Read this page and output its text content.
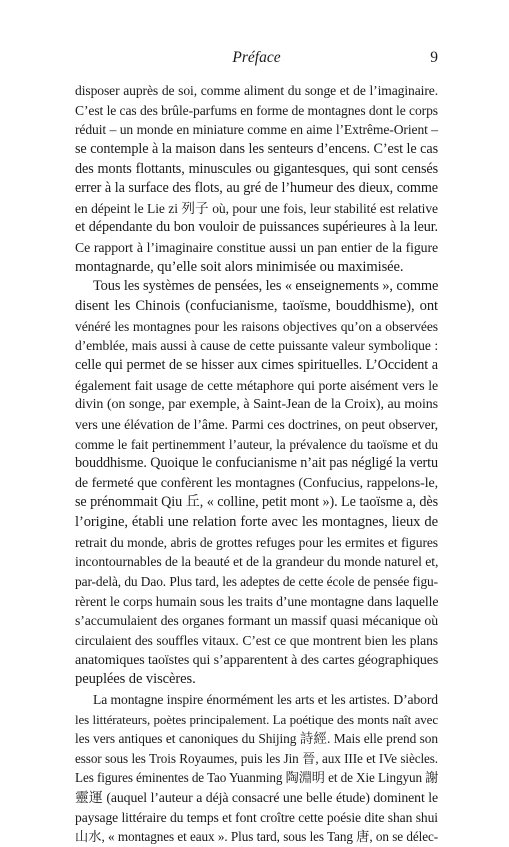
Préface	9
disposer auprès de soi, comme aliment du songe et de l’imaginaire.
C’est le cas des brûle-parfums en forme de montagnes dont le corps
réduit – un monde en miniature comme en aime l’Extrême-Orient –
se contemple à la maison dans les senteurs d’encens. C’est le cas
des monts flottants, minuscules ou gigantesques, qui sont censés
errer à la surface des flots, au gré de l’humeur des dieux, comme
en dépeint le Lie zi 列子 où, pour une fois, leur stabilité est relative
et dépendante du bon vouloir de puissances supérieures à la leur.
Ce rapport à l’imaginaire constitue aussi un pan entier de la figure
montagnarde, qu’elle soit alors minimisée ou maximisée.
Tous les systèmes de pensées, les « enseignements », comme
disent les Chinois (confucianisme, taoïsme, bouddhisme), ont
vénéré les montagnes pour les raisons objectives qu’on a observées
d’emblée, mais aussi à cause de cette puissante valeur symbolique :
celle qui permet de se hisser aux cimes spirituelles. L’Occident a
également fait usage de cette métaphore qui porte aisément vers le
divin (on songe, par exemple, à Saint-Jean de la Croix), au moins
vers une élévation de l’âme. Parmi ces doctrines, on peut observer,
comme le fait pertinemment l’auteur, la prévalence du taoïsme et du
bouddhisme. Quoique le confucianisme n’ait pas négligé la vertu
de fermeté que confèrent les montagnes (Confucius, rappelons-le,
se prénommait Qiu 丘, « colline, petit mont »). Le taoïsme a, dès
l’origine, établi une relation forte avec les montagnes, lieux de
retrait du monde, abris de grottes refuges pour les ermites et figures
incontournables de la beauté et de la grandeur du monde naturel et,
par-delà, du Dao. Plus tard, les adeptes de cette école de pensée figu-
rèrent le corps humain sous les traits d’une montagne dans laquelle
s’accumulaient des organes formant un massif quasi mécanique où
circulaient des souffles vitaux. C’est ce que montrent bien les plans
anatomiques taoïstes qui s’apparentent à des cartes géographiques
peuplées de viscères.
La montagne inspire énormément les arts et les artistes. D’abord
les littérateurs, poètes principalement. La poétique des monts naît avec
les vers antiques et canoniques du Shijing 詩經. Mais elle prend son
essor sous les Trois Royaumes, puis les Jin 晉, aux IIIe et IVe siècles.
Les figures éminentes de Tao Yuanming 陶淵明 et de Xie Lingyun 謝
靈運 (auquel l’auteur a déjà consacré une belle étude) dominent le
paysage littéraire du temps et font croître cette poésie dite shan shui
山水, « montagnes et eaux ». Plus tard, sous les Tang 唐, on se délec-
